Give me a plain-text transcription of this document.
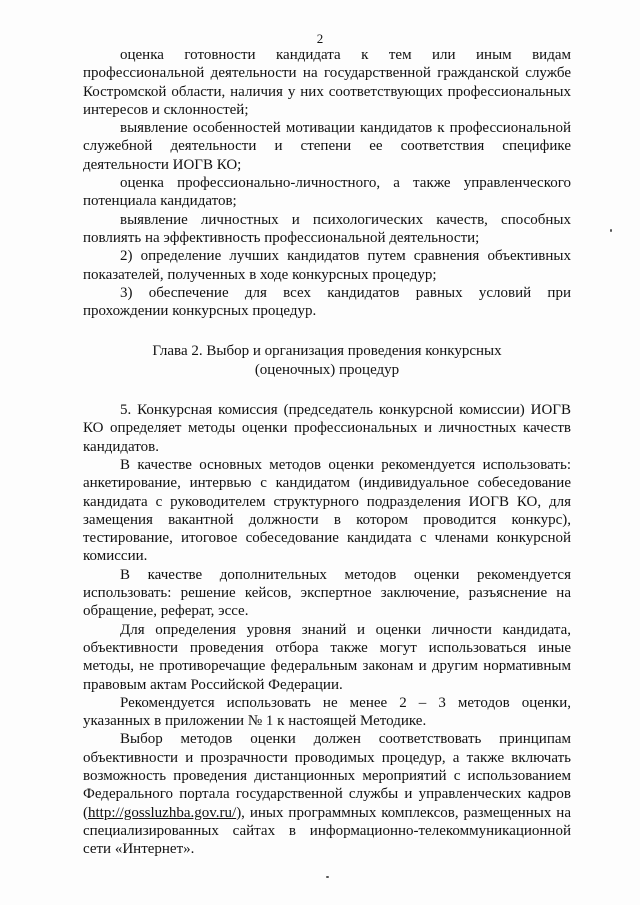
2

оценка готовности кандидата к тем или иным видам профессиональной деятельности на государственной гражданской службе Костромской области, наличия у них соответствующих профессиональных интересов и склонностей;

выявление особенностей мотивации кандидатов к профессиональной служебной деятельности и степени ее соответствия специфике деятельности ИОГВ КО;

оценка профессионально-личностного, а также управленческого потенциала кандидатов;

выявление личностных и психологических качеств, способных повлиять на эффективность профессиональной деятельности;

2) определение лучших кандидатов путем сравнения объективных показателей, полученных в ходе конкурсных процедур;

3) обеспечение для всех кандидатов равных условий при прохождении конкурсных процедур.

Глава 2. Выбор и организация проведения конкурсных
(оценочных) процедур

5. Конкурсная комиссия (председатель конкурсной комиссии) ИОГВ КО определяет методы оценки профессиональных и личностных качеств кандидатов.

В качестве основных методов оценки рекомендуется использовать: анкетирование, интервью с кандидатом (индивидуальное собеседование кандидата с руководителем структурного подразделения ИОГВ КО, для замещения вакантной должности в котором проводится конкурс), тестирование, итоговое собеседование кандидата с членами конкурсной комиссии.

В качестве дополнительных методов оценки рекомендуется использовать: решение кейсов, экспертное заключение, разъяснение на обращение, реферат, эссе.

Для определения уровня знаний и оценки личности кандидата, объективности проведения отбора также могут использоваться иные методы, не противоречащие федеральным законам и другим нормативным правовым актам Российской Федерации.

Рекомендуется использовать не менее 2 – 3 методов оценки, указанных в приложении № 1 к настоящей Методике.

Выбор методов оценки должен соответствовать принципам объективности и прозрачности проводимых процедур, а также включать возможность проведения дистанционных мероприятий с использованием Федерального портала государственной службы и управленческих кадров (http://gossluzhba.gov.ru/), иных программных комплексов, размещенных на специализированных сайтах в информационно-телекоммуникационной сети «Интернет».
